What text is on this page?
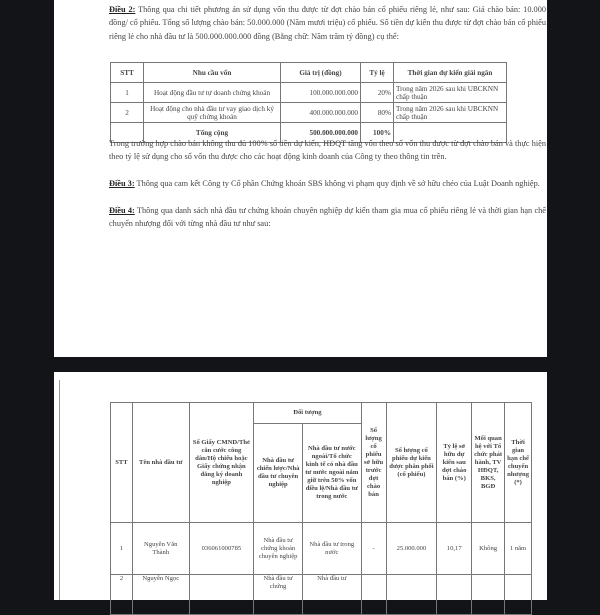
Điều 2: Thông qua chi tiết phương án sử dụng vốn thu được từ đợt chào bán cổ phiếu riêng lẻ, như sau: Giá chào bán: 10.000 đồng/ cổ phiếu. Tổng số lượng chào bán: 50.000.000 (Năm mươi triệu) cổ phiếu. Số tiền dự kiến thu được từ đợt chào bán cổ phiếu riêng lẻ cho nhà đầu tư là 500.000.000.000 đồng (Bằng chữ: Năm trăm tỷ đồng) cụ thể:
STT	Nhu cầu vốn	Giá trị (đồng)	Tỷ lệ	Thời gian dự kiến giải ngân
1	Hoạt động đầu tư tự doanh chứng khoán	100.000.000.000	20%	Trong năm 2026 sau khi UBCKNN chấp thuận
2	Hoạt động cho nhà đầu tư vay giao dịch ký quỹ chứng khoán	400.000.000.000	80%	Trong năm 2026 sau khi UBCKNN chấp thuận
	Tổng cộng	500.000.000.000	100%	
Trong trường hợp chào bán không thu đủ 100% số tiền dự kiến, HĐQT tăng vốn theo số vốn thu được từ đợt chào bán và thực hiện theo tỷ lệ sử dụng cho số vốn thu được cho các hoạt động kinh doanh của Công ty theo thông tin trên.
Điều 3: Thông qua cam kết Công ty Cổ phần Chứng khoán SBS không vi phạm quy định về sở hữu chéo của Luật Doanh nghiệp.
Điều 4: Thông qua danh sách nhà đầu tư chứng khoán chuyên nghiệp dự kiến tham gia mua cổ phiếu riêng lẻ và thời gian hạn chế chuyển nhượng đối với từng nhà đầu tư như sau:
STT	Tên nhà đầu tư	Số Giấy CMND/Thẻ căn cước công dân/Hộ chiếu hoặc Giấy chứng nhận đăng ký doanh nghiệp	Đối tượng		Số lượng cổ phiếu sở hữu trước đợt chào bán	Số lượng cổ phiếu dự kiến được phân phối (cổ phiếu)	Tỷ lệ sở hữu dự kiến sau đợt chào bán (%)	Mối quan hệ với Tổ chức phát hành, TV HĐQT, BKS, BGĐ	Thời gian hạn chế chuyển nhượng (*)
			Nhà đầu tư chiến lược/Nhà đầu tư chuyên nghiệp	Nhà đầu tư nước ngoài/Tổ chức kinh tế có nhà đầu tư nước ngoài nắm giữ trên 50% vốn điều lệ/Nhà đầu tư trong nước					
1	Nguyễn Văn Thành	036061000785	Nhà đầu tư chứng khoán chuyên nghiệp	Nhà đầu tư trong nước	-	25.000.000	10,17	Không	1 năm
2	Nguyễn Ngọc		Nhà đầu tư chứng	Nhà đầu tư					
